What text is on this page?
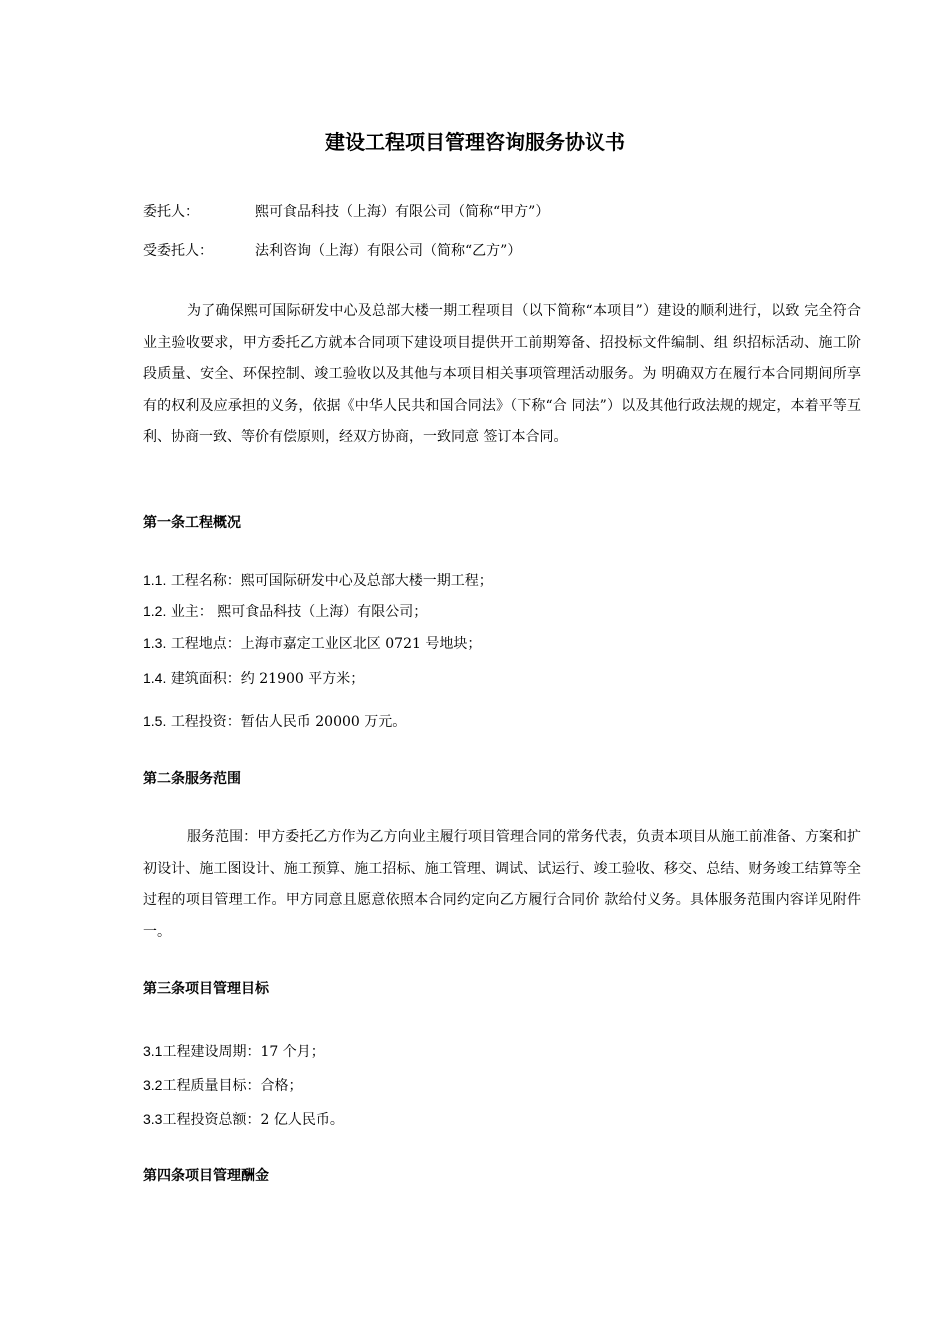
建设工程项目管理咨询服务协议书
委托人：	熙可食品科技（上海）有限公司（简称“甲方”）
受委托人：	法利咨询（上海）有限公司（简称“乙方”）
为了确保熙可国际研发中心及总部大楼一期工程项目（以下简称“本项目”）建设的顺利进行，以致 完全符合业主验收要求，甲方委托乙方就本合同项下建设项目提供开工前期筹备、招投标文件编制、组 织招标活动、施工阶段质量、安全、环保控制、竣工验收以及其他与本项目相关事项管理活动服务。为 明确双方在履行本合同期间所享有的权利及应承担的义务，依据《中华人民共和国合同法》（下称“合 同法”）以及其他行政法规的规定，本着平等互利、协商一致、等价有偿原则，经双方协商，一致同意 签订本合同。
第一条工程概况
1.1. 工程名称：熙可国际研发中心及总部大楼一期工程；
1.2. 业主： 熙可食品科技（上海）有限公司；
1.3. 工程地点：上海市嘉定工业区北区 0721 号地块；
1.4. 建筑面积：约 21900 平方米；
1.5. 工程投资：暂估人民币 20000 万元。
第二条服务范围
服务范围：甲方委托乙方作为乙方向业主履行项目管理合同的常务代表，负责本项目从施工前准备、方案和扩初设计、施工图设计、施工预算、施工招标、施工管理、调试、试运行、竣工验收、移交、总结、财务竣工结算等全过程的项目管理工作。甲方同意且愿意依照本合同约定向乙方履行合同价 款给付义务。具体服务范围内容详见附件一。
第三条项目管理目标
3.1工程建设周期：17 个月；
3.2工程质量目标：合格；
3.3工程投资总额：2 亿人民币。
第四条项目管理酬金
